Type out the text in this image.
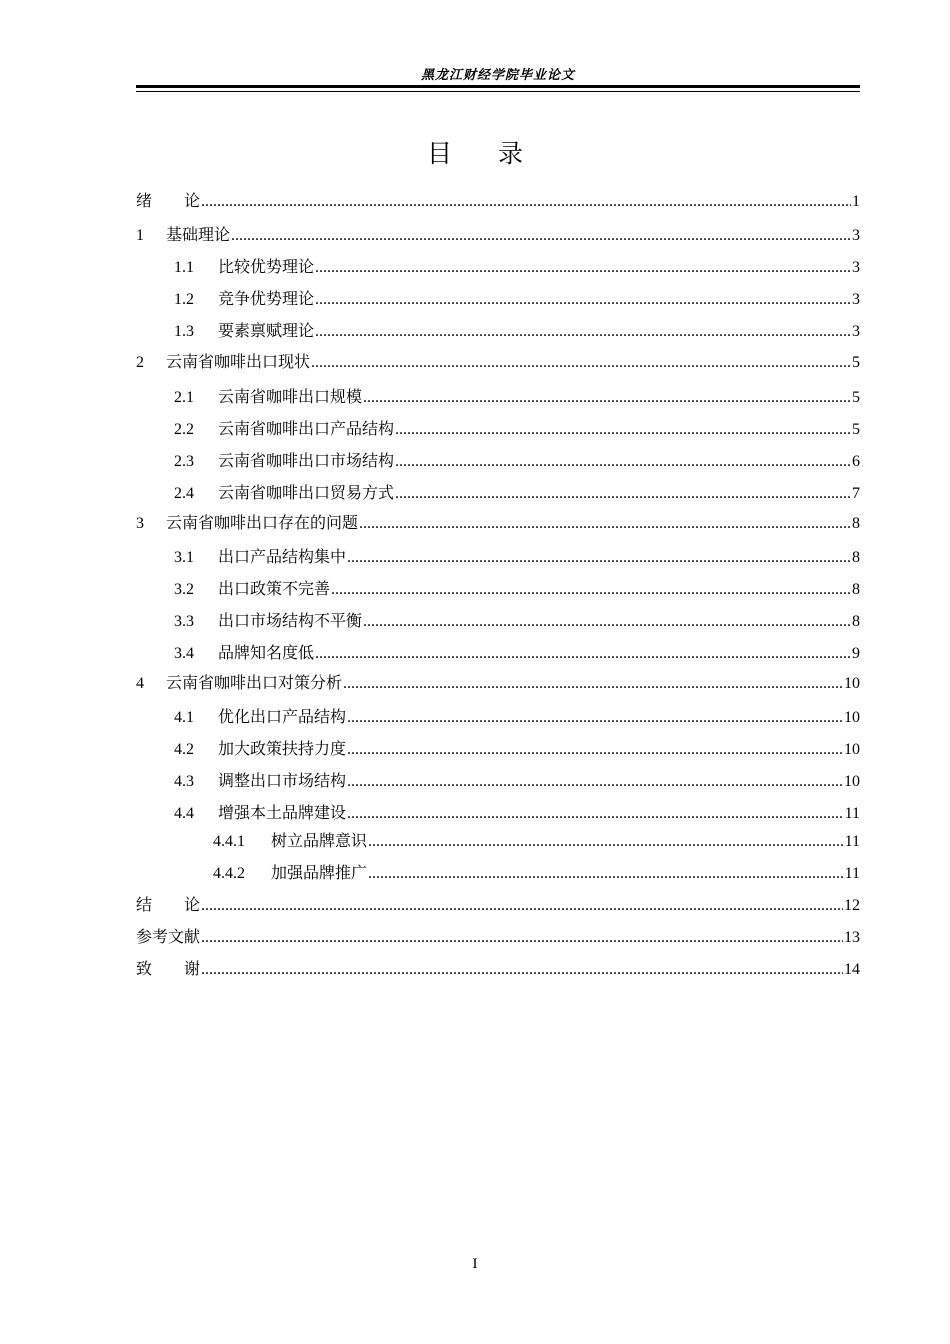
黑龙江财经学院毕业论文
目 录
绪　　论 .....	1
1	基础理论 .....	3
1.1	比较优势理论 .....	3
1.2	竞争优势理论 .....	3
1.3	要素禀赋理论 .....	3
2	云南省咖啡出口现状 .....	5
2.1	云南省咖啡出口规模 .....	5
2.2	云南省咖啡出口产品结构 .....	5
2.3	云南省咖啡出口市场结构 .....	6
2.4	云南省咖啡出口贸易方式 .....	7
3	云南省咖啡出口存在的问题 .....	8
3.1	出口产品结构集中 .....	8
3.2	出口政策不完善 .....	8
3.3	出口市场结构不平衡 .....	8
3.4	品牌知名度低 .....	9
4	云南省咖啡出口对策分析 .....	10
4.1	优化出口产品结构 .....	10
4.2	加大政策扶持力度 .....	10
4.3	调整出口市场结构 .....	10
4.4	增强本土品牌建设 .....	11
4.4.1	树立品牌意识 .....	11
4.4.2	加强品牌推广 .....	11
结　　论 .....	12
参考文献 .....	13
致　　谢 .....	14
I
